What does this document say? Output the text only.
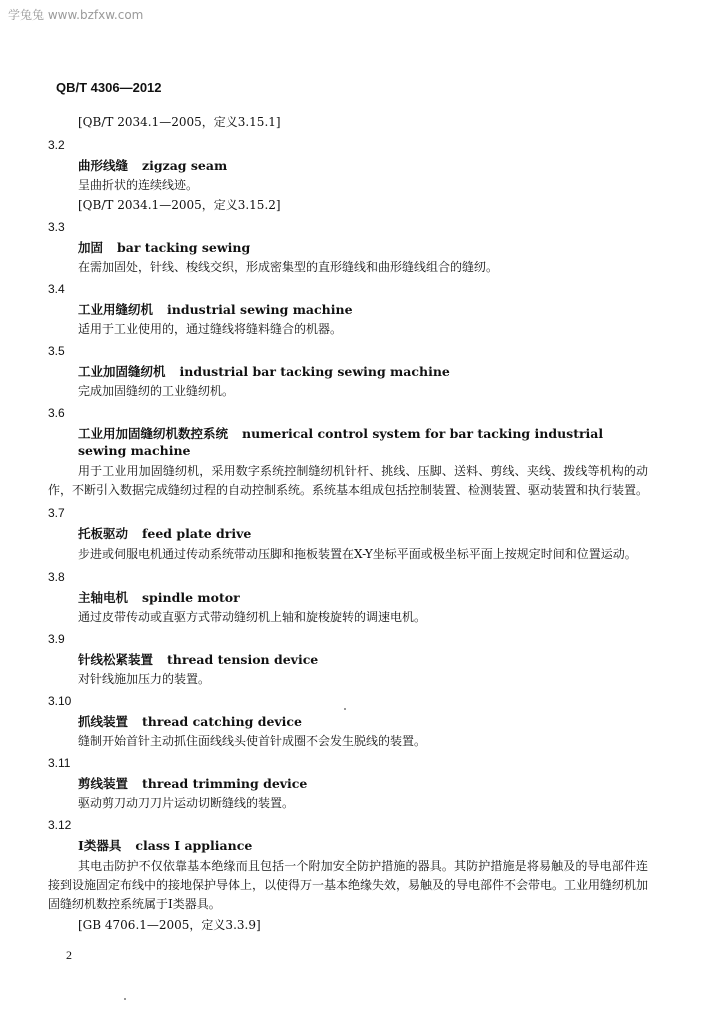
学兔兔 www.bzfxw.com
QB/T 4306—2012
[QB/T 2034.1—2005，定义3.15.1]
3.2
曲形线缝 zigzag seam
呈曲折状的连续线迹。
[QB/T 2034.1—2005，定义3.15.2]
3.3
加固 bar tacking sewing
在需加固处，针线、梭线交织，形成密集型的直形缝线和曲形缝线组合的缝纫。
3.4
工业用缝纫机 industrial sewing machine
适用于工业使用的，通过缝线将缝料缝合的机器。
3.5
工业加固缝纫机 industrial bar tacking sewing machine
完成加固缝纫的工业缝纫机。
3.6
工业用加固缝纫机数控系统 numerical control system for bar tacking industrial sewing machine
用于工业用加固缝纫机，采用数字系统控制缝纫机针杆、挑线、压脚、送料、剪线、夹线、拨线等机构的动作，不断引入数据完成缝纫过程的自动控制系统。系统基本组成包括控制装置、检测装置、驱动装置和执行装置。
3.7
托板驱动 feed plate drive
步进或伺服电机通过传动系统带动压脚和拖板装置在X-Y坐标平面或极坐标平面上按规定时间和位置运动。
3.8
主轴电机 spindle motor
通过皮带传动或直驱方式带动缝纫机上轴和旋梭旋转的调速电机。
3.9
针线松紧装置 thread tension device
对针线施加压力的装置。
3.10
抓线装置 thread catching device
缝制开始首针主动抓住面线线头使首针成圈不会发生脱线的装置。
3.11
剪线装置 thread trimming device
驱动剪刀动刀刀片运动切断缝线的装置。
3.12
Ⅰ类器具 class Ⅰ appliance
其电击防护不仅依靠基本绝缘而且包括一个附加安全防护措施的器具。其防护措施是将易触及的导电部件连接到设施固定布线中的接地保护导体上，以使得万一基本绝缘失效，易触及的导电部件不会带电。工业用缝纫机加固缝纫机数控系统属于Ⅰ类器具。
[GB 4706.1—2005，定义3.3.9]
2
